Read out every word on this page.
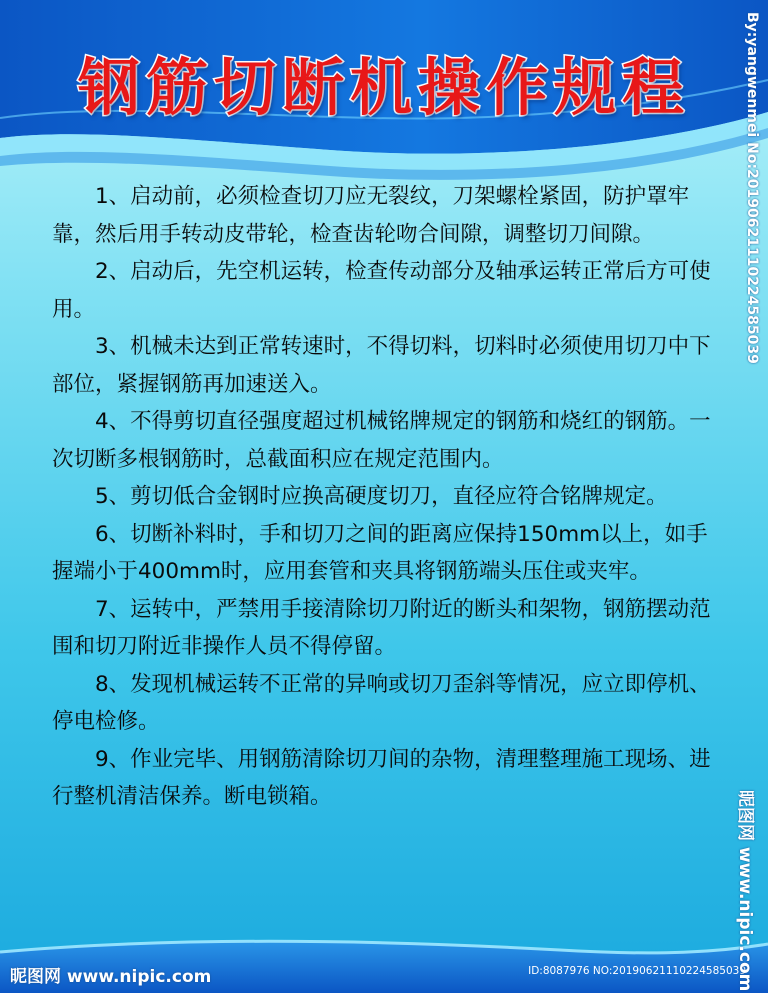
钢筋切断机操作规程

1、启动前，必须检查切刀应无裂纹，刀架螺栓紧固，防护罩牢靠，然后用手转动皮带轮，检查齿轮吻合间隙，调整切刀间隙。

2、启动后，先空机运转，检查传动部分及轴承运转正常后方可使用。

3、机械未达到正常转速时，不得切料，切料时必须使用切刀中下部位，紧握钢筋再加速送入。

4、不得剪切直径强度超过机械铭牌规定的钢筋和烧红的钢筋。一次切断多根钢筋时，总截面积应在规定范围内。

5、剪切低合金钢时应换高硬度切刀，直径应符合铭牌规定。

6、切断补料时，手和切刀之间的距离应保持150mm以上，如手握端小于400mm时，应用套管和夹具将钢筋端头压住或夹牢。

7、运转中，严禁用手接清除切刀附近的断头和架物，钢筋摆动范围和切刀附近非操作人员不得停留。

8、发现机械运转不正常的异响或切刀歪斜等情况，应立即停机、停电检修。

9、作业完毕、用钢筋清除切刀间的杂物，清理整理施工现场、进行整机清洁保养。断电锁箱。

昵图网 www.nipic.com	ID:8087976 NO:20190621110224585039
By:yangwenmei No:20190621110224585039
昵图网 www.nipic.com
